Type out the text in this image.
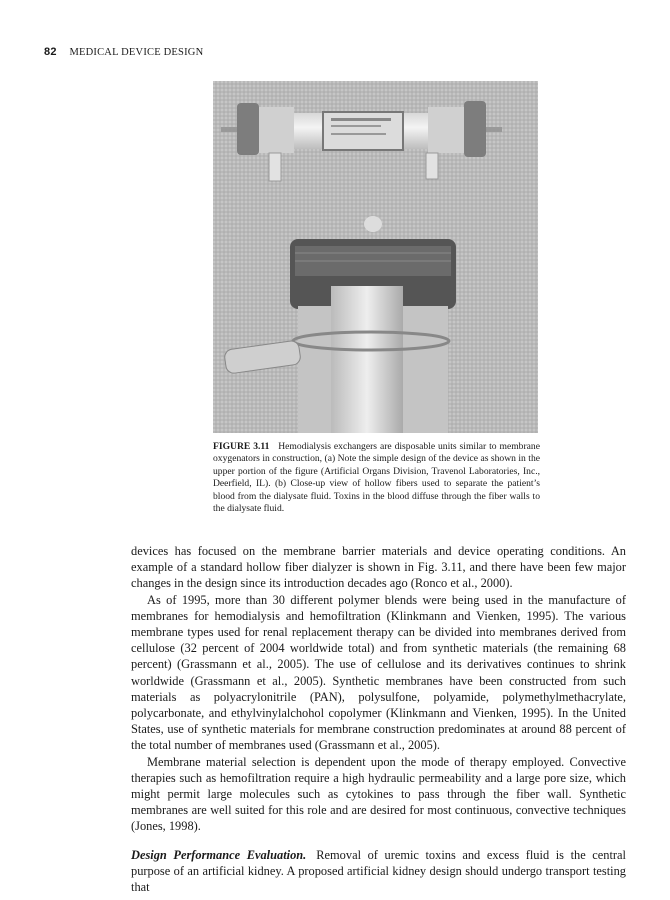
82 MEDICAL DEVICE DESIGN
FIGURE 3.11 Hemodialysis exchangers are disposable units similar to membrane oxygenators in construction, (a) Note the simple design of the device as shown in the upper portion of the figure (Artificial Organs Division, Travenol Laboratories, Inc., Deerfield, IL). (b) Close-up view of hollow fibers used to separate the patient’s blood from the dialysate fluid. Toxins in the blood diffuse through the fiber walls to the dialysate fluid.

devices has focused on the membrane barrier materials and device operating conditions. An example of a standard hollow fiber dialyzer is shown in Fig. 3.11, and there have been few major changes in the design since its introduction decades ago (Ronco et al., 2000).

As of 1995, more than 30 different polymer blends were being used in the manufacture of membranes for hemodialysis and hemofiltration (Klinkmann and Vienken, 1995). The various membrane types used for renal replacement therapy can be divided into membranes derived from cellulose (32 percent of 2004 worldwide total) and from synthetic materials (the remaining 68 percent) (Grassmann et al., 2005). The use of cellulose and its derivatives continues to shrink worldwide (Grassmann et al., 2005). Synthetic membranes have been constructed from such materials as polyacrylonitrile (PAN), polysulfone, polyamide, polymethylmethacrylate, polycarbonate, and ethylvinylalchohol copolymer (Klinkmann and Vienken, 1995). In the United States, use of synthetic materials for membrane construction predominates at around 88 percent of the total number of membranes used (Grassmann et al., 2005).

Membrane material selection is dependent upon the mode of therapy employed. Convective therapies such as hemofiltration require a high hydraulic permeability and a large pore size, which might permit large molecules such as cytokines to pass through the fiber wall. Synthetic membranes are well suited for this role and are desired for most continuous, convective techniques (Jones, 1998).

Design Performance Evaluation. Removal of uremic toxins and excess fluid is the central purpose of an artificial kidney. A proposed artificial kidney design should undergo transport testing that
